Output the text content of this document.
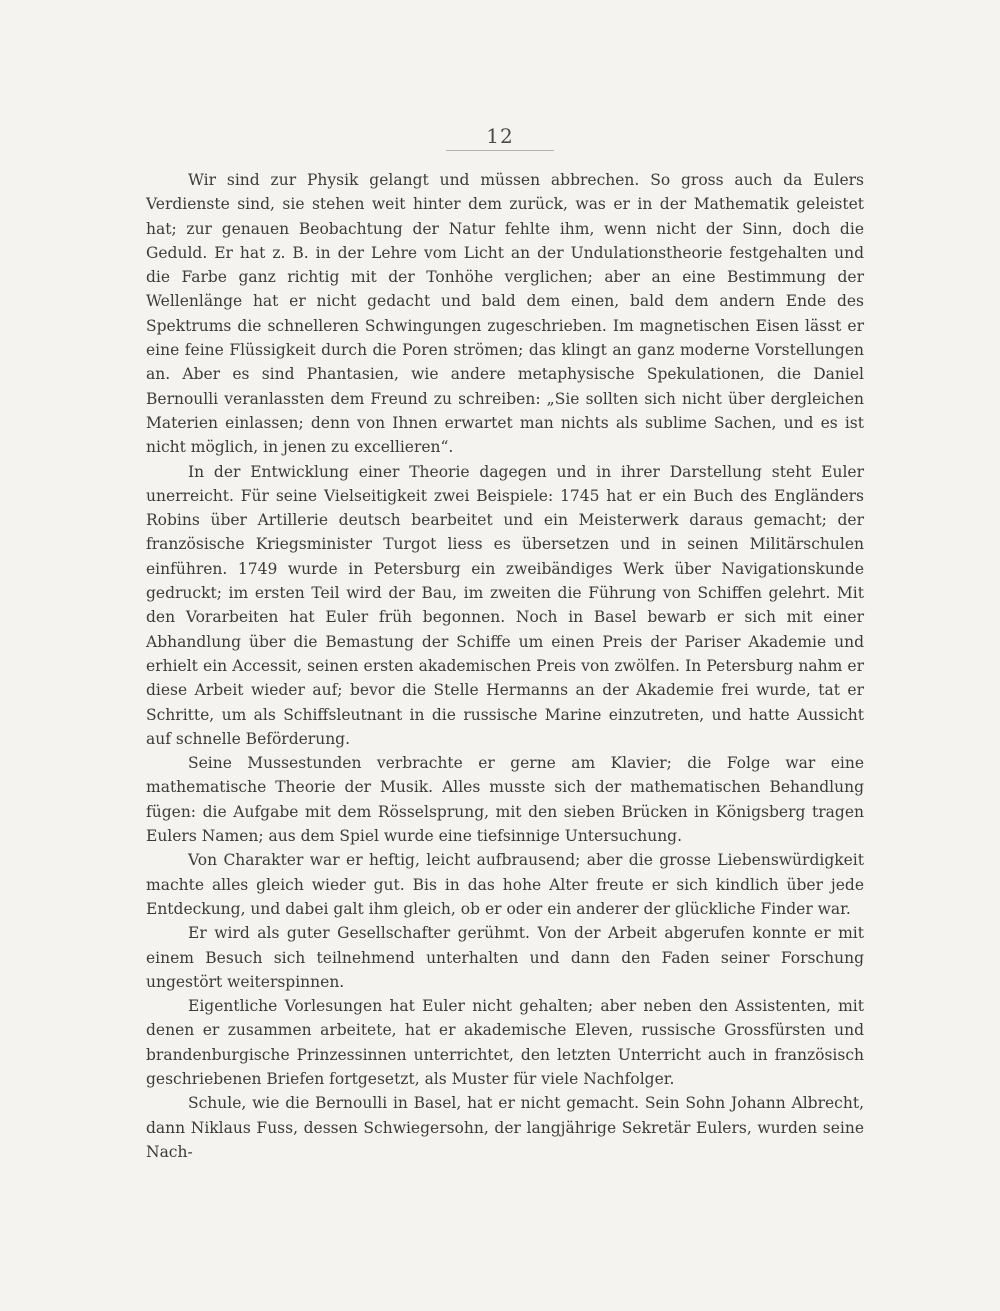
12

Wir sind zur Physik gelangt und müssen abbrechen. So gross auch da Eulers Verdienste sind, sie stehen weit hinter dem zurück, was er in der Mathematik geleistet hat; zur genauen Beobachtung der Natur fehlte ihm, wenn nicht der Sinn, doch die Geduld. Er hat z. B. in der Lehre vom Licht an der Undulationstheorie festgehalten und die Farbe ganz richtig mit der Tonhöhe verglichen; aber an eine Bestimmung der Wellenlänge hat er nicht gedacht und bald dem einen, bald dem andern Ende des Spektrums die schnelleren Schwingungen zugeschrieben. Im magnetischen Eisen lässt er eine feine Flüssigkeit durch die Poren strömen; das klingt an ganz moderne Vorstellungen an. Aber es sind Phantasien, wie andere metaphysische Spekulationen, die Daniel Bernoulli veranlassten dem Freund zu schreiben: „Sie sollten sich nicht über dergleichen Materien einlassen; denn von Ihnen erwartet man nichts als sublime Sachen, und es ist nicht möglich, in jenen zu excellieren“.

In der Entwicklung einer Theorie dagegen und in ihrer Darstellung steht Euler unerreicht. Für seine Vielseitigkeit zwei Beispiele: 1745 hat er ein Buch des Engländers Robins über Artillerie deutsch bearbeitet und ein Meisterwerk daraus gemacht; der französische Kriegsminister Turgot liess es übersetzen und in seinen Militärschulen einführen. 1749 wurde in Petersburg ein zweibändiges Werk über Navigationskunde gedruckt; im ersten Teil wird der Bau, im zweiten die Führung von Schiffen gelehrt. Mit den Vorarbeiten hat Euler früh begonnen. Noch in Basel bewarb er sich mit einer Abhandlung über die Bemastung der Schiffe um einen Preis der Pariser Akademie und erhielt ein Accessit, seinen ersten akademischen Preis von zwölfen. In Petersburg nahm er diese Arbeit wieder auf; bevor die Stelle Hermanns an der Akademie frei wurde, tat er Schritte, um als Schiffsleutnant in die russische Marine einzutreten, und hatte Aussicht auf schnelle Beförderung.

Seine Mussestunden verbrachte er gerne am Klavier; die Folge war eine mathematische Theorie der Musik. Alles musste sich der mathematischen Behandlung fügen: die Aufgabe mit dem Rösselsprung, mit den sieben Brücken in Königsberg tragen Eulers Namen; aus dem Spiel wurde eine tiefsinnige Untersuchung.

Von Charakter war er heftig, leicht aufbrausend; aber die grosse Liebenswürdigkeit machte alles gleich wieder gut. Bis in das hohe Alter freute er sich kindlich über jede Entdeckung, und dabei galt ihm gleich, ob er oder ein anderer der glückliche Finder war.

Er wird als guter Gesellschafter gerühmt. Von der Arbeit abgerufen konnte er mit einem Besuch sich teilnehmend unterhalten und dann den Faden seiner Forschung ungestört weiterspinnen.

Eigentliche Vorlesungen hat Euler nicht gehalten; aber neben den Assistenten, mit denen er zusammen arbeitete, hat er akademische Eleven, russische Grossfürsten und brandenburgische Prinzessinnen unterrichtet, den letzten Unterricht auch in französisch geschriebenen Briefen fortgesetzt, als Muster für viele Nachfolger.

Schule, wie die Bernoulli in Basel, hat er nicht gemacht. Sein Sohn Johann Albrecht, dann Niklaus Fuss, dessen Schwiegersohn, der langjährige Sekretär Eulers, wurden seine Nach-
